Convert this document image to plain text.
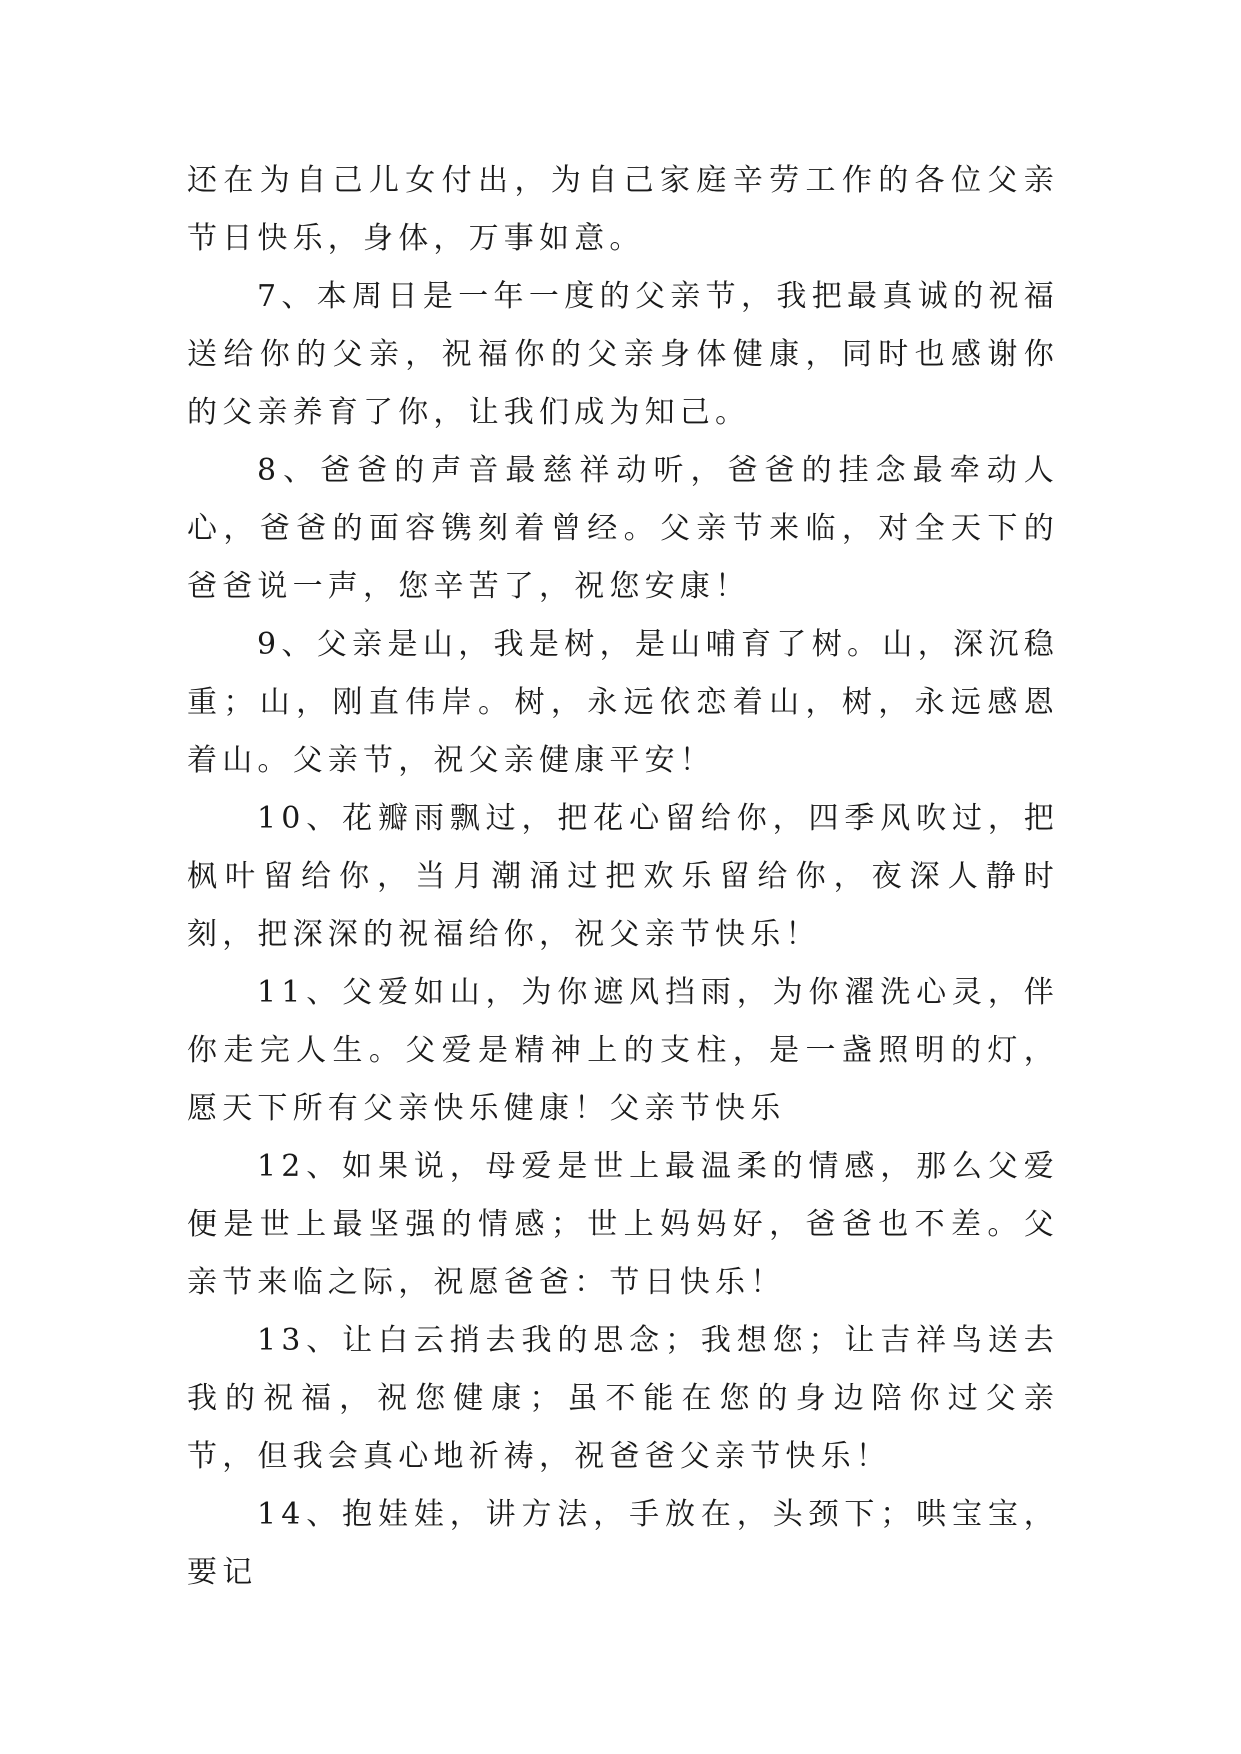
还在为自己儿女付出，为自己家庭辛劳工作的各位父亲节日快乐，身体，万事如意。

7、本周日是一年一度的父亲节，我把最真诚的祝福送给你的父亲，祝福你的父亲身体健康，同时也感谢你的父亲养育了你，让我们成为知己。

8、爸爸的声音最慈祥动听，爸爸的挂念最牵动人心，爸爸的面容镌刻着曾经。父亲节来临，对全天下的爸爸说一声，您辛苦了，祝您安康！

9、父亲是山，我是树，是山哺育了树。山，深沉稳重；山，刚直伟岸。树，永远依恋着山，树，永远感恩着山。父亲节，祝父亲健康平安！

10、花瓣雨飘过，把花心留给你，四季风吹过，把枫叶留给你，当月潮涌过把欢乐留给你，夜深人静时刻，把深深的祝福给你，祝父亲节快乐！

11、父爱如山，为你遮风挡雨，为你濯洗心灵，伴你走完人生。父爱是精神上的支柱，是一盏照明的灯，愿天下所有父亲快乐健康！父亲节快乐

12、如果说，母爱是世上最温柔的情感，那么父爱便是世上最坚强的情感；世上妈妈好，爸爸也不差。父亲节来临之际，祝愿爸爸：节日快乐！

13、让白云捎去我的思念；我想您；让吉祥鸟送去我的祝福，祝您健康；虽不能在您的身边陪你过父亲节，但我会真心地祈祷，祝爸爸父亲节快乐！

14、抱娃娃，讲方法，手放在，头颈下；哄宝宝，要记
